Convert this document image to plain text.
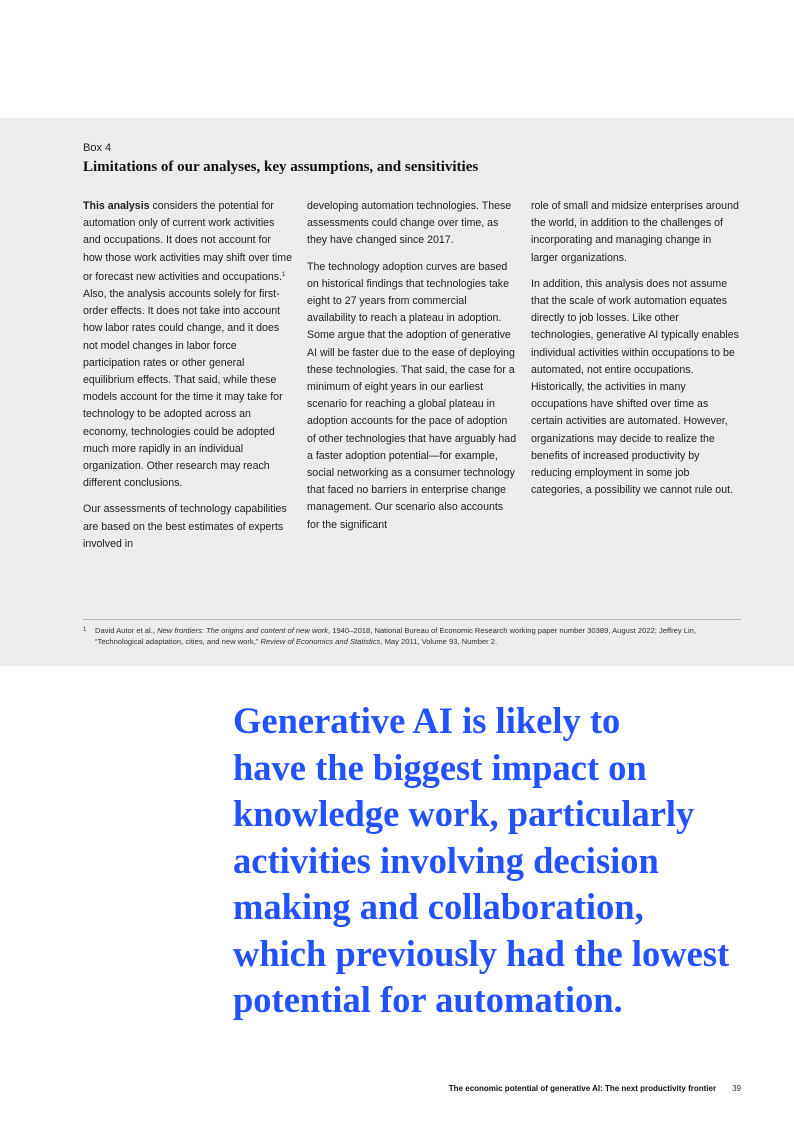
Box 4
Limitations of our analyses, key assumptions, and sensitivities

This analysis considers the potential for automation only of current work activities and occupations. It does not account for how those work activities may shift over time or forecast new activities and occupations.$^1$ Also, the analysis accounts solely for first-order effects. It does not take into account how labor rates could change, and it does not model changes in labor force participation rates or other general equilibrium effects. That said, while these models account for the time it may take for technology to be adopted across an economy, technologies could be adopted much more rapidly in an individual organization. Other research may reach different conclusions.

Our assessments of technology capabilities are based on the best estimates of experts involved in

developing automation technologies. These assessments could change over time, as they have changed since 2017.

The technology adoption curves are based on historical findings that technologies take eight to 27 years from commercial availability to reach a plateau in adoption. Some argue that the adoption of generative AI will be faster due to the ease of deploying these technologies. That said, the case for a minimum of eight years in our earliest scenario for reaching a global plateau in adoption accounts for the pace of adoption of other technologies that have arguably had a faster adoption potential—for example, social networking as a consumer technology that faced no barriers in enterprise change management. Our scenario also accounts for the significant

role of small and midsize enterprises around the world, in addition to the challenges of incorporating and managing change in larger organizations.

In addition, this analysis does not assume that the scale of work automation equates directly to job losses. Like other technologies, generative AI typically enables individual activities within occupations to be automated, not entire occupations. Historically, the activities in many occupations have shifted over time as certain activities are automated. However, organizations may decide to realize the benefits of increased productivity by reducing employment in some job categories, a possibility we cannot rule out.

1 David Autor et al., New frontiers: The origins and content of new work, 1940–2018, National Bureau of Economic Research working paper number 30389, August 2022; Jeffrey Lin, “Technological adaptation, cities, and new work,” Review of Economics and Statistics, May 2011, Volume 93, Number 2.
Generative AI is likely to
have the biggest impact on
knowledge work, particularly
activities involving decision
making and collaboration,
which previously had the lowest
potential for automation.
The economic potential of generative AI: The next productivity frontier 39
